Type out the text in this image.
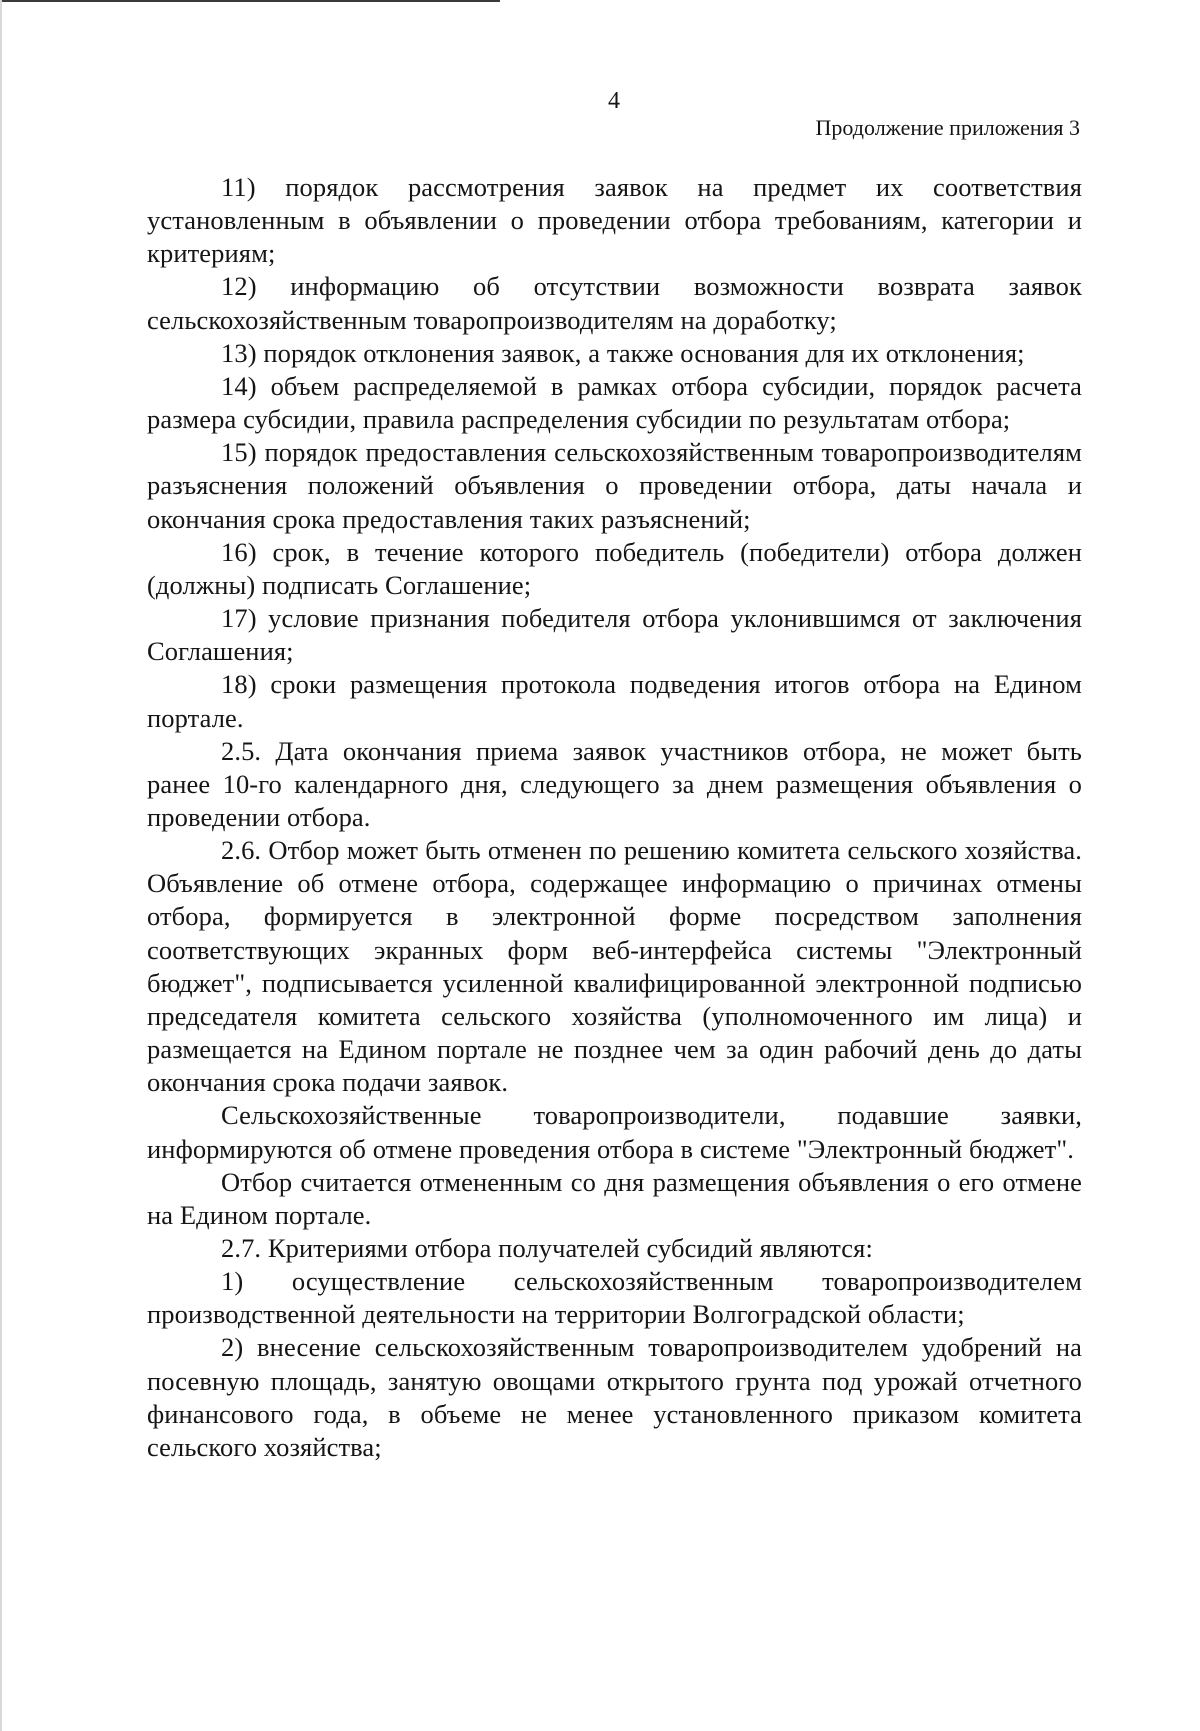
4
Продолжение приложения 3

11) порядок рассмотрения заявок на предмет их соответствия установленным в объявлении о проведении отбора требованиям, категории и критериям;

12) информацию об отсутствии возможности возврата заявок сельскохозяйственным товаропроизводителям на доработку;

13) порядок отклонения заявок, а также основания для их отклонения;

14) объем распределяемой в рамках отбора субсидии, порядок расчета размера субсидии, правила распределения субсидии по результатам отбора;

15) порядок предоставления сельскохозяйственным товаропроизводителям разъяснения положений объявления о проведении отбора, даты начала и окончания срока предоставления таких разъяснений;

16) срок, в течение которого победитель (победители) отбора должен (должны) подписать Соглашение;

17) условие признания победителя отбора уклонившимся от заключения Соглашения;

18) сроки размещения протокола подведения итогов отбора на Едином портале.

2.5. Дата окончания приема заявок участников отбора, не может быть ранее 10-го календарного дня, следующего за днем размещения объявления о проведении отбора.

2.6. Отбор может быть отменен по решению комитета сельского хозяйства. Объявление об отмене отбора, содержащее информацию о причинах отмены отбора, формируется в электронной форме посредством заполнения соответствующих экранных форм веб-интерфейса системы "Электронный бюджет", подписывается усиленной квалифицированной электронной подписью председателя комитета сельского хозяйства (уполномоченного им лица) и размещается на Едином портале не позднее чем за один рабочий день до даты окончания срока подачи заявок.

Сельскохозяйственные товаропроизводители, подавшие заявки, информируются об отмене проведения отбора в системе "Электронный бюджет".

Отбор считается отмененным со дня размещения объявления о его отмене на Едином портале.

2.7. Критериями отбора получателей субсидий являются:

1) осуществление сельскохозяйственным товаропроизводителем производственной деятельности на территории Волгоградской области;

2) внесение сельскохозяйственным товаропроизводителем удобрений на посевную площадь, занятую овощами открытого грунта под урожай отчетного финансового года, в объеме не менее установленного приказом комитета сельского хозяйства;
